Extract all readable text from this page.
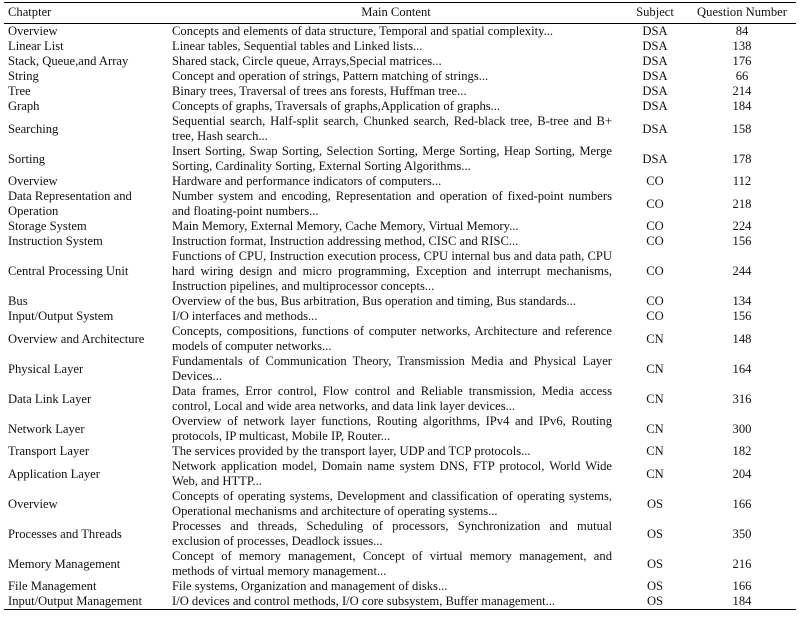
Chatpter	Main Content	Subject	Question Number
Overview	Concepts and elements of data structure, Temporal and spatial complexity...	DSA	84
Linear List	Linear tables, Sequential tables and Linked lists...	DSA	138
Stack, Queue,and Array	Shared stack, Circle queue, Arrays,Special matrices...	DSA	176
String	Concept and operation of strings, Pattern matching of strings...	DSA	66
Tree	Binary trees, Traversal of trees ans forests, Huffman tree...	DSA	214
Graph	Concepts of graphs, Traversals of graphs,Application of graphs...	DSA	184
Searching	Sequential search, Half-split search, Chunked search, Red-black tree, B-tree and B+ tree, Hash search...	DSA	158
Sorting	Insert Sorting, Swap Sorting, Selection Sorting, Merge Sorting, Heap Sorting, Merge Sorting, Cardinality Sorting, External Sorting Algorithms...	DSA	178
Overview	Hardware and performance indicators of computers...	CO	112
Data Representation and Operation	Number system and encoding, Representation and operation of fixed-point numbers and floating-point numbers...	CO	218
Storage System	Main Memory, External Memory, Cache Memory, Virtual Memory...	CO	224
Instruction System	Instruction format, Instruction addressing method, CISC and RISC...	CO	156
Central Processing Unit	Functions of CPU, Instruction execution process, CPU internal bus and data path, CPU hard wiring design and micro programming, Exception and interrupt mechanisms, Instruction pipelines, and multiprocessor concepts...	CO	244
Bus	Overview of the bus, Bus arbitration, Bus operation and timing, Bus standards...	CO	134
Input/Output System	I/O interfaces and methods...	CO	156
Overview and Architecture	Concepts, compositions, functions of computer networks, Architecture and reference models of computer networks...	CN	148
Physical Layer	Fundamentals of Communication Theory, Transmission Media and Physical Layer Devices...	CN	164
Data Link Layer	Data frames, Error control, Flow control and Reliable transmission, Media access control, Local and wide area networks, and data link layer devices...	CN	316
Network Layer	Overview of network layer functions, Routing algorithms, IPv4 and IPv6, Routing protocols, IP multicast, Mobile IP, Router...	CN	300
Transport Layer	The services provided by the transport layer, UDP and TCP protocols...	CN	182
Application Layer	Network application model, Domain name system DNS, FTP protocol, World Wide Web, and HTTP...	CN	204
Overview	Concepts of operating systems, Development and classification of operating systems, Operational mechanisms and architecture of operating systems...	OS	166
Processes and Threads	Processes and threads, Scheduling of processors, Synchronization and mutual exclusion of processes, Deadlock issues...	OS	350
Memory Management	Concept of memory management, Concept of virtual memory management, and methods of virtual memory management...	OS	216
File Management	File systems, Organization and management of disks...	OS	166
Input/Output Management	I/O devices and control methods, I/O core subsystem, Buffer management...	OS	184
